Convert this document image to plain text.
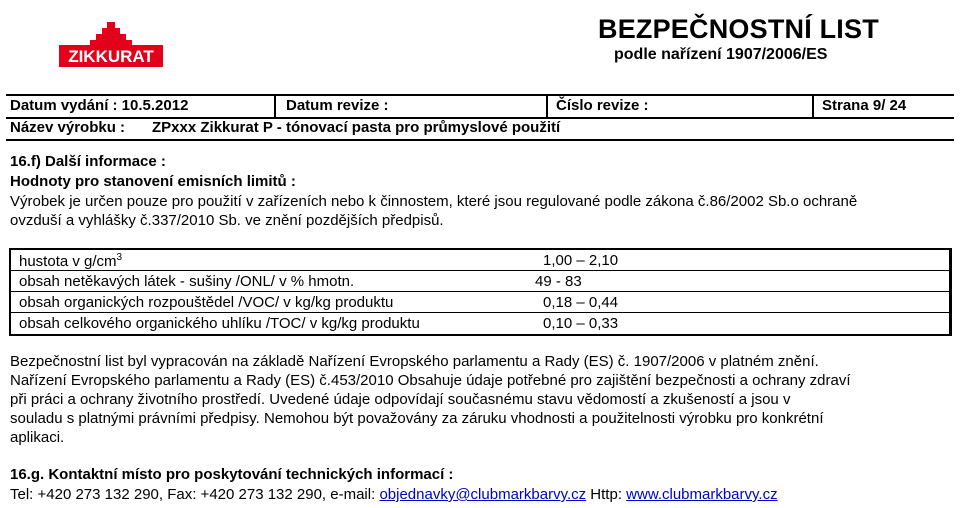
ZIKKURAT
BEZPEČNOSTNÍ LIST
podle nařízení 1907/2006/ES
Datum vydání : 10.5.2012	Datum revize :	Číslo revize :	Strana 9/ 24
Název výrobku : ZPxxx Zikkurat P - tónovací pasta pro průmyslové použití
16.f) Další informace :
Hodnoty pro stanovení emisních limitů :
Výrobek je určen pouze pro použití v zařízeních nebo k činnostem, které jsou regulované podle zákona č.86/2002 Sb.o ochraně
ovzduší a vyhlášky č.337/2010 Sb. ve znění pozdějších předpisů.
hustota v $g/cm^3$	1,00 – 2,10
obsah netěkavých látek - sušiny /ONL/ v % hmotn.	49 - 83
obsah organických rozpouštědel /VOC/ v kg/kg produktu	0,18 – 0,44
obsah celkového organického uhlíku /TOC/ v kg/kg produktu	0,10 – 0,33
Bezpečnostní list byl vypracován na základě Nařízení Evropského parlamentu a Rady (ES) č. 1907/2006 v platném znění.
Nařízení Evropského parlamentu a Rady (ES) č.453/2010 Obsahuje údaje potřebné pro zajištění bezpečnosti a ochrany zdraví
při práci a ochrany životního prostředí. Uvedené údaje odpovídají současnému stavu vědomostí a zkušeností a jsou v
souladu s platnými právními předpisy. Nemohou být považovány za záruku vhodnosti a použitelnosti výrobku pro konkrétní
aplikaci.
16.g. Kontaktní místo pro poskytování technických informací :
Tel: +420 273 132 290, Fax: +420 273 132 290, e-mail: objednavky@clubmarkbarvy.cz Http: www.clubmarkbarvy.cz
